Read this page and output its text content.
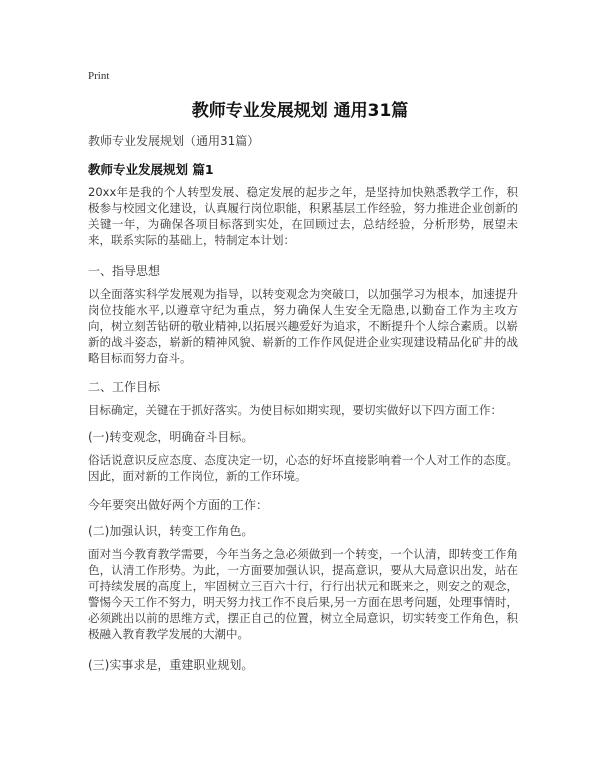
Print
教师专业发展规划 通用31篇
教师专业发展规划（通用31篇）
教师专业发展规划 篇1
20xx年是我的个人转型发展、稳定发展的起步之年，是坚持加快熟悉教学工作，积极参与校园文化建设，认真履行岗位职能，积累基层工作经验，努力推进企业创新的关键一年，为确保各项目标落到实处，在回顾过去，总结经验，分析形势，展望未来，联系实际的基础上，特制定本计划：
一、指导思想
以全面落实科学发展观为指导，以转变观念为突破口，以加强学习为根本，加速提升岗位技能水平,以遵章守纪为重点，努力确保人生安全无隐患,以勤奋工作为主攻方向，树立刻苦钻研的敬业精神,以拓展兴趣爱好为追求，不断提升个人综合素质。以崭新的战斗姿态，崭新的精神风貌、崭新的工作作风促进企业实现建设精品化矿井的战略目标而努力奋斗。
二、工作目标
目标确定，关键在于抓好落实。为使目标如期实现，要切实做好以下四方面工作：
(一)转变观念，明确奋斗目标。
俗话说意识反应态度、态度决定一切，心态的好坏直接影响着一个人对工作的态度。因此，面对新的工作岗位，新的工作环境。
今年要突出做好两个方面的工作：
(二)加强认识，转变工作角色。
面对当今教育教学需要，今年当务之急必须做到一个转变，一个认清，即转变工作角色，认清工作形势。为此，一方面要加强认识，提高意识，要从大局意识出发，站在可持续发展的高度上，牢固树立三百六十行，行行出状元和既来之，则安之的观念，警惕今天工作不努力，明天努力找工作不良后果,另一方面在思考问题，处理事情时，必须跳出以前的思维方式，摆正自己的位置，树立全局意识，切实转变工作角色，积极融入教育教学发展的大潮中。
(三)实事求是，重建职业规划。
